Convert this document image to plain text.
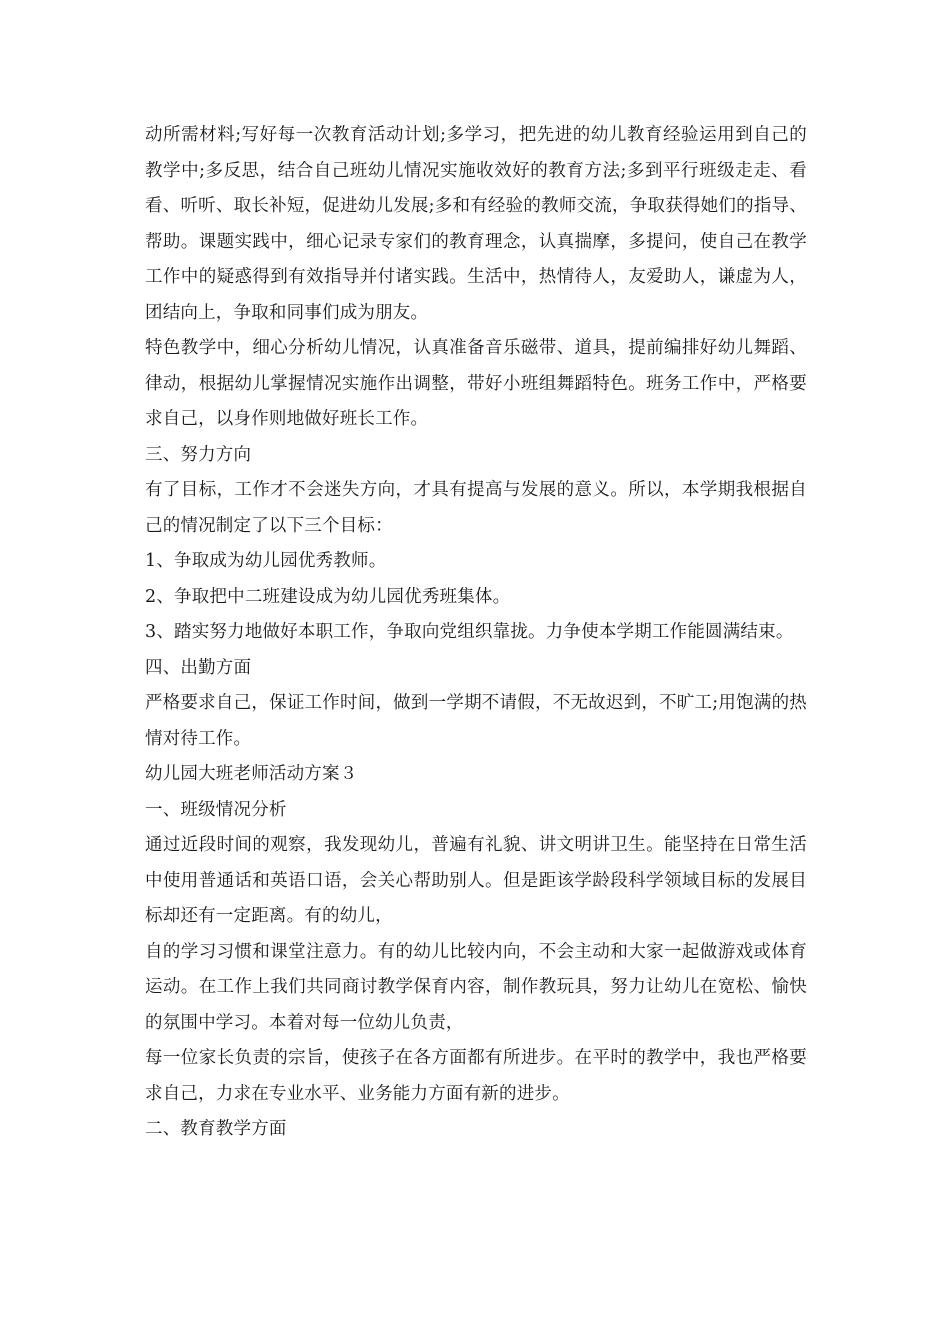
动所需材料;写好每一次教育活动计划;多学习，把先进的幼儿教育经验运用到自己的教学中;多反思，结合自己班幼儿情况实施收效好的教育方法;多到平行班级走走、看看、听听、取长补短，促进幼儿发展;多和有经验的教师交流，争取获得她们的指导、帮助。课题实践中，细心记录专家们的教育理念，认真揣摩，多提问，使自己在教学工作中的疑惑得到有效指导并付诸实践。生活中，热情待人，友爱助人，谦虚为人，团结向上，争取和同事们成为朋友。

特色教学中，细心分析幼儿情况，认真准备音乐磁带、道具，提前编排好幼儿舞蹈、律动，根据幼儿掌握情况实施作出调整，带好小班组舞蹈特色。班务工作中，严格要求自己，以身作则地做好班长工作。

三、努力方向

有了目标，工作才不会迷失方向，才具有提高与发展的意义。所以，本学期我根据自己的情况制定了以下三个目标：

1、争取成为幼儿园优秀教师。

2、争取把中二班建设成为幼儿园优秀班集体。

3、踏实努力地做好本职工作，争取向党组织靠拢。力争使本学期工作能圆满结束。

四、出勤方面

严格要求自己，保证工作时间，做到一学期不请假，不无故迟到，不旷工;用饱满的热情对待工作。

幼儿园大班老师活动方案３

一、班级情况分析

通过近段时间的观察，我发现幼儿，普遍有礼貌、讲文明讲卫生。能坚持在日常生活中使用普通话和英语口语，会关心帮助别人。但是距该学龄段科学领域目标的发展目标却还有一定距离。有的幼儿，

自的学习习惯和课堂注意力。有的幼儿比较内向，不会主动和大家一起做游戏或体育运动。在工作上我们共同商讨教学保育内容，制作教玩具，努力让幼儿在宽松、愉快的氛围中学习。本着对每一位幼儿负责，

每一位家长负责的宗旨，使孩子在各方面都有所进步。在平时的教学中，我也严格要求自己，力求在专业水平、业务能力方面有新的进步。

二、教育教学方面
